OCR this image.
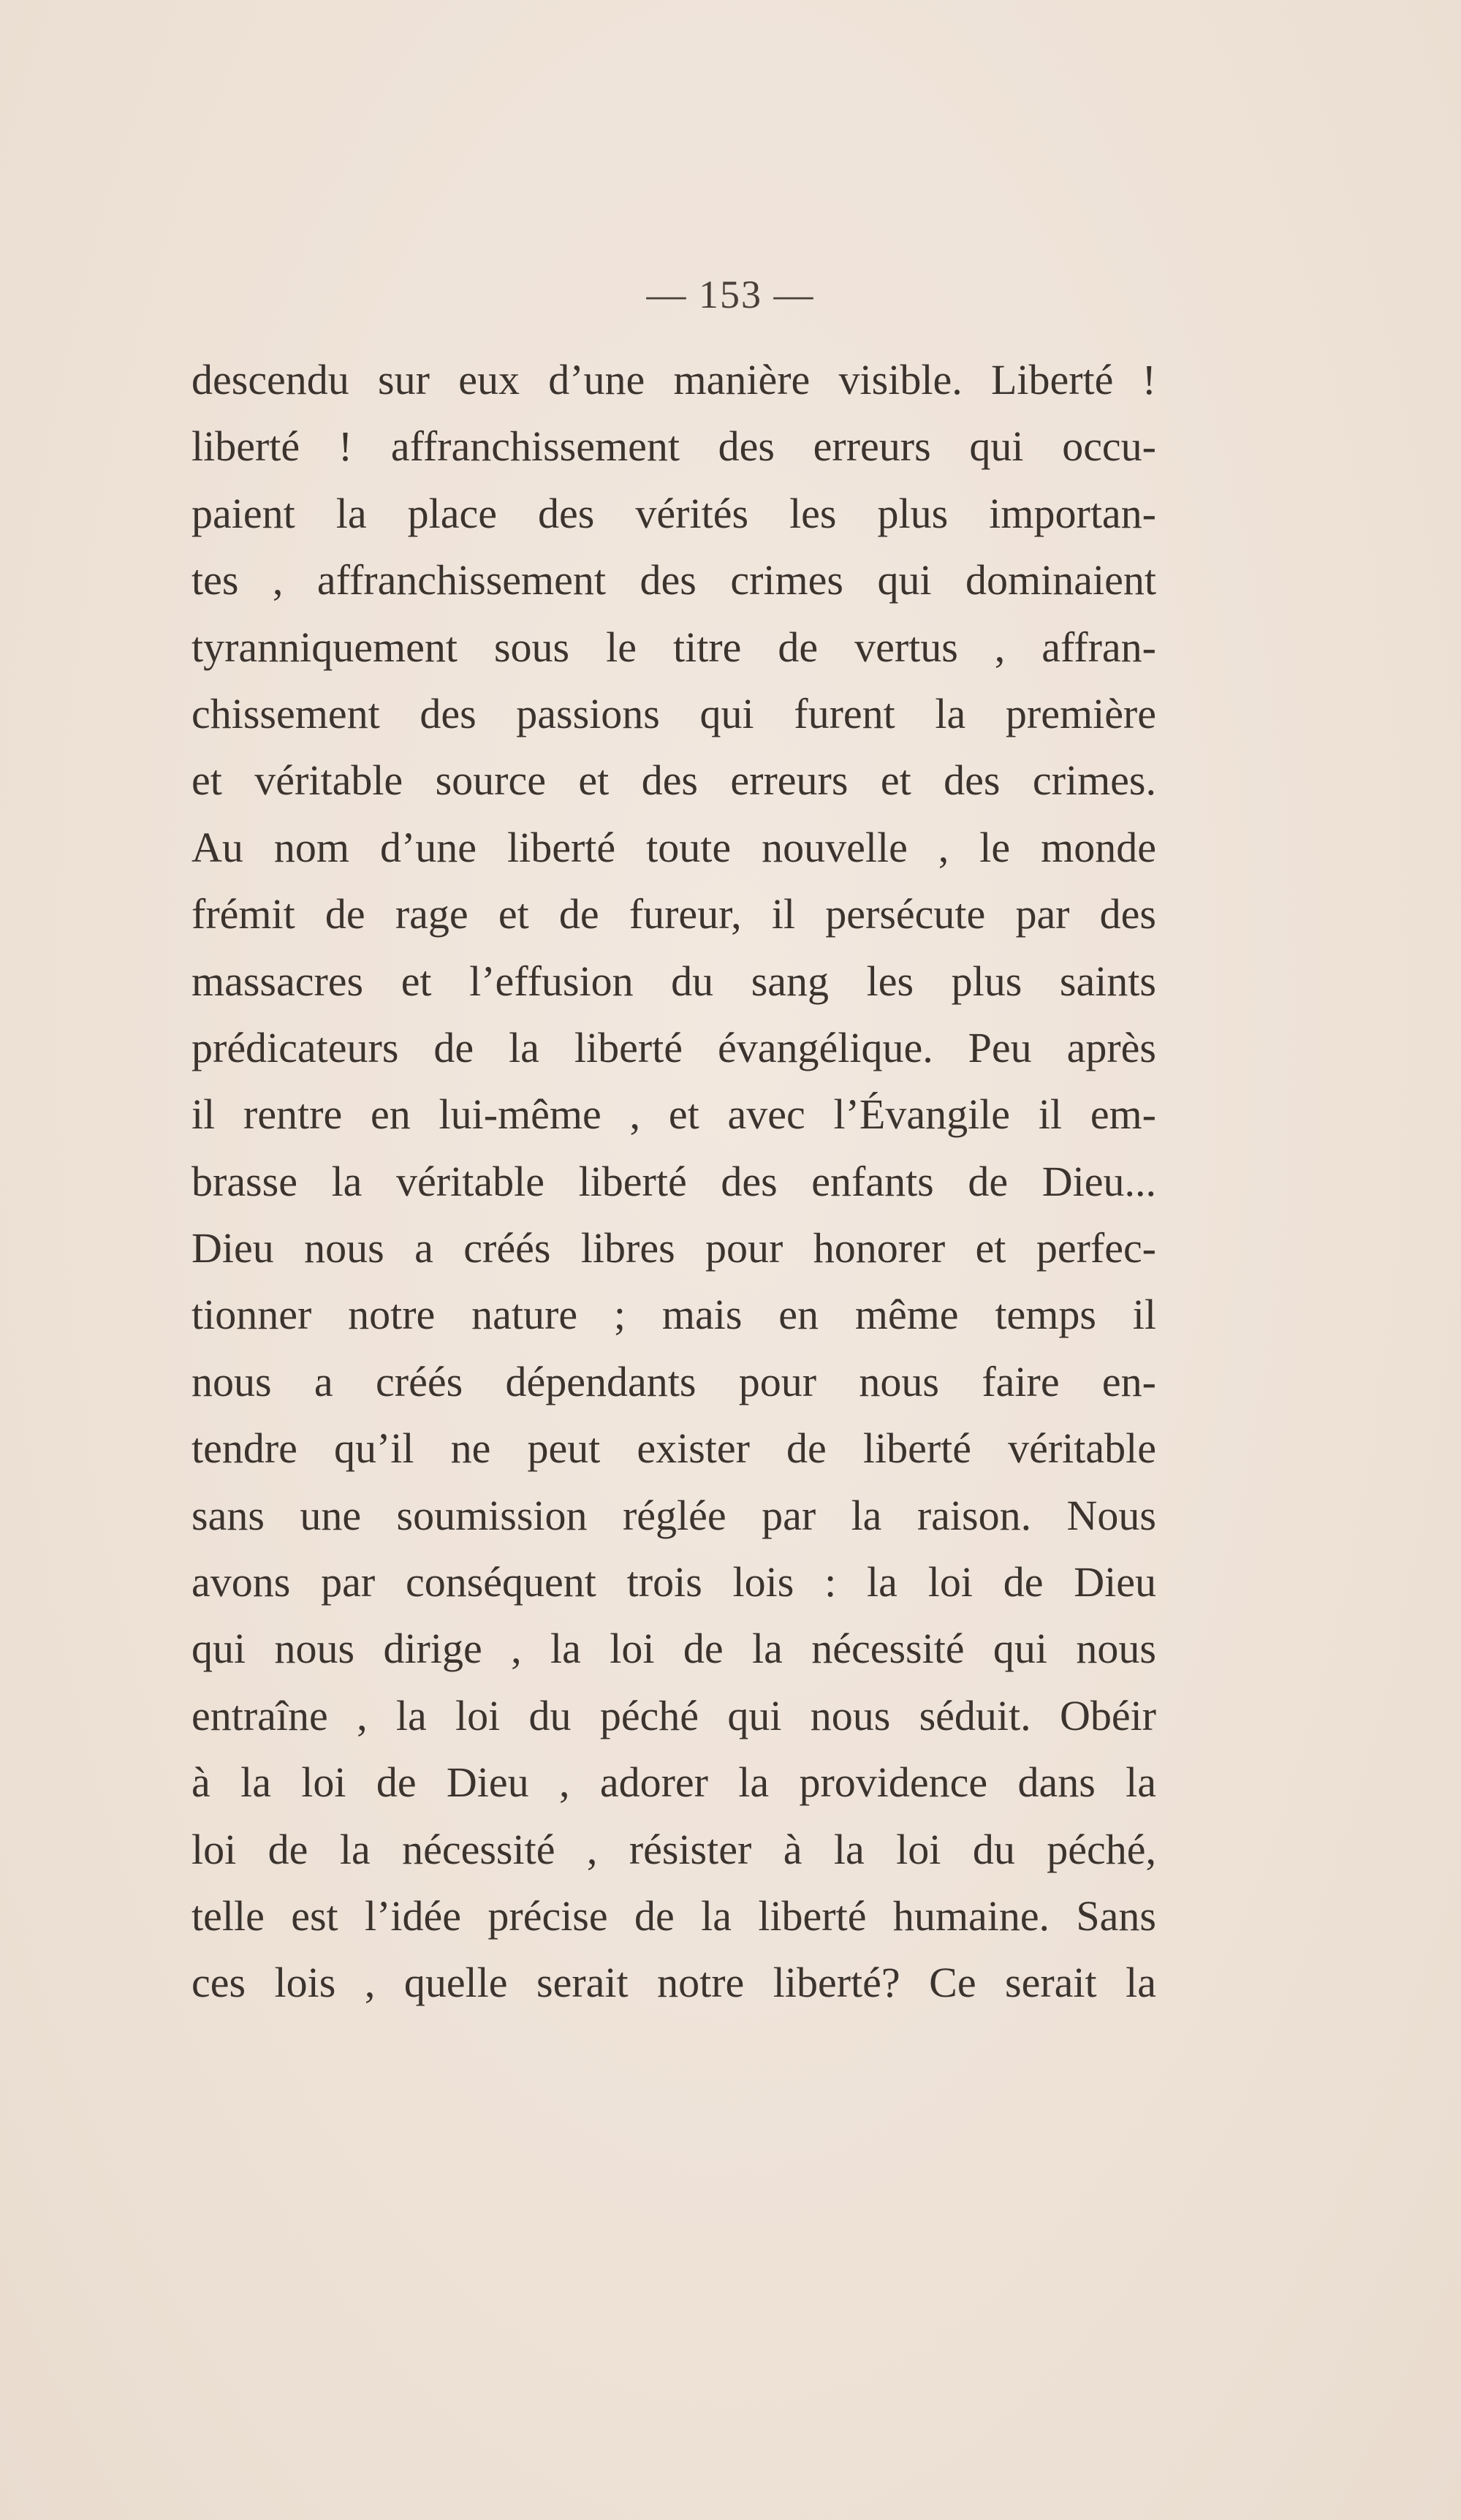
— 153 —
descendu sur eux d’une manière visible. Liberté !
liberté ! affranchissement des erreurs qui occu-
paient la place des vérités les plus importan-
tes , affranchissement des crimes qui dominaient
tyranniquement sous le titre de vertus , affran-
chissement des passions qui furent la première
et véritable source et des erreurs et des crimes.
Au nom d’une liberté toute nouvelle , le monde
frémit de rage et de fureur, il persécute par des
massacres et l’effusion du sang les plus saints
prédicateurs de la liberté évangélique. Peu après
il rentre en lui-même , et avec l’Évangile il em-
brasse la véritable liberté des enfants de Dieu...
Dieu nous a créés libres pour honorer et perfec-
tionner notre nature ; mais en même temps il
nous a créés dépendants pour nous faire en-
tendre qu’il ne peut exister de liberté véritable
sans une soumission réglée par la raison. Nous
avons par conséquent trois lois : la loi de Dieu
qui nous dirige , la loi de la nécessité qui nous
entraîne , la loi du péché qui nous séduit. Obéir
à la loi de Dieu , adorer la providence dans la
loi de la nécessité , résister à la loi du péché,
telle est l’idée précise de la liberté humaine. Sans
ces lois , quelle serait notre liberté? Ce serait la
